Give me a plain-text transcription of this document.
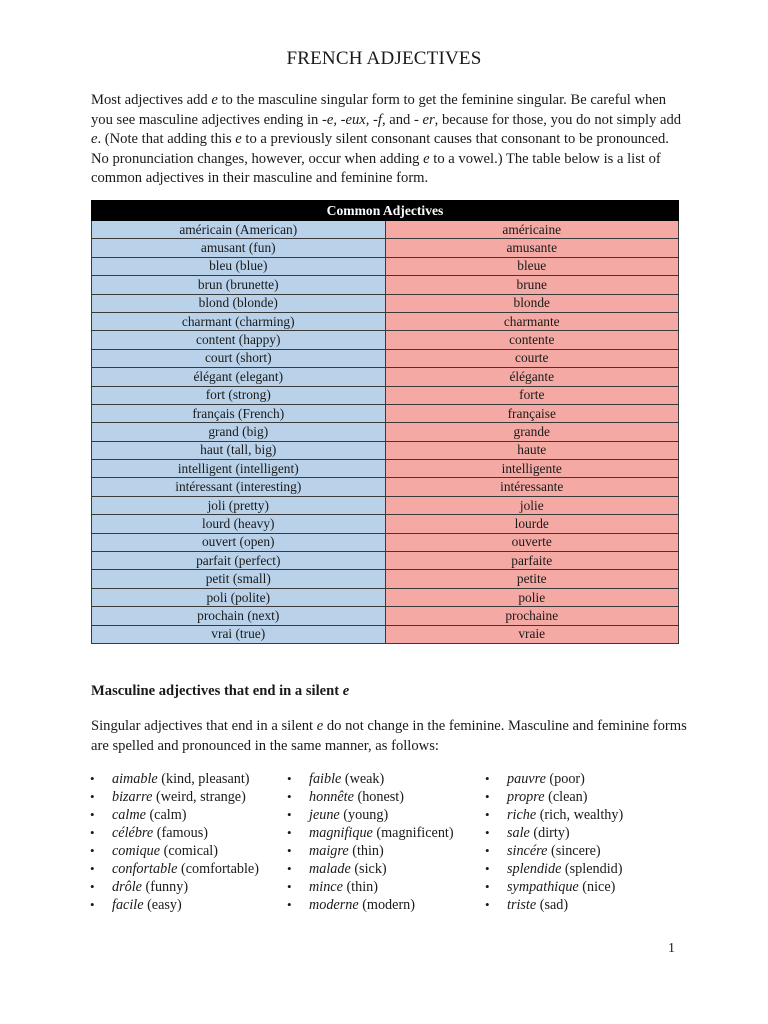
FRENCH ADJECTIVES

Most adjectives add e to the masculine singular form to get the feminine singular. Be careful when you see masculine adjectives ending in -e, -eux, -f, and - er, because for those, you do not simply add e. (Note that adding this e to a previously silent consonant causes that consonant to be pronounced. No pronunciation changes, however, occur when adding e to a vowel.) The table below is a list of common adjectives in their masculine and feminine form.

Common Adjectives	
américain (American)	américaine
amusant (fun)	amusante
bleu (blue)	bleue
brun (brunette)	brune
blond (blonde)	blonde
charmant (charming)	charmante
content (happy)	contente
court (short)	courte
élégant (elegant)	élégante
fort (strong)	forte
français (French)	française
grand (big)	grande
haut (tall, big)	haute
intelligent (intelligent)	intelligente
intéressant (interesting)	intéressante
joli (pretty)	jolie
lourd (heavy)	lourde
ouvert (open)	ouverte
parfait (perfect)	parfaite
petit (small)	petite
poli (polite)	polie
prochain (next)	prochaine
vrai (true)	vraie
Masculine adjectives that end in a silent e

Singular adjectives that end in a silent e do not change in the feminine. Masculine and feminine forms are spelled and pronounced in the same manner, as follows:

• aimable (kind, pleasant)
• bizarre (weird, strange)
• calme (calm)
• célébre (famous)
• comique (comical)
• confortable (comfortable)
• drôle (funny)
• facile (easy)
• faible (weak)
• honnête (honest)
• jeune (young)
• magnifique (magnificent)
• maigre (thin)
• malade (sick)
• mince (thin)
• moderne (modern)
• pauvre (poor)
• propre (clean)
• riche (rich, wealthy)
• sale (dirty)
• sincére (sincere)
• splendide (splendid)
• sympathique (nice)
• triste (sad)
1
